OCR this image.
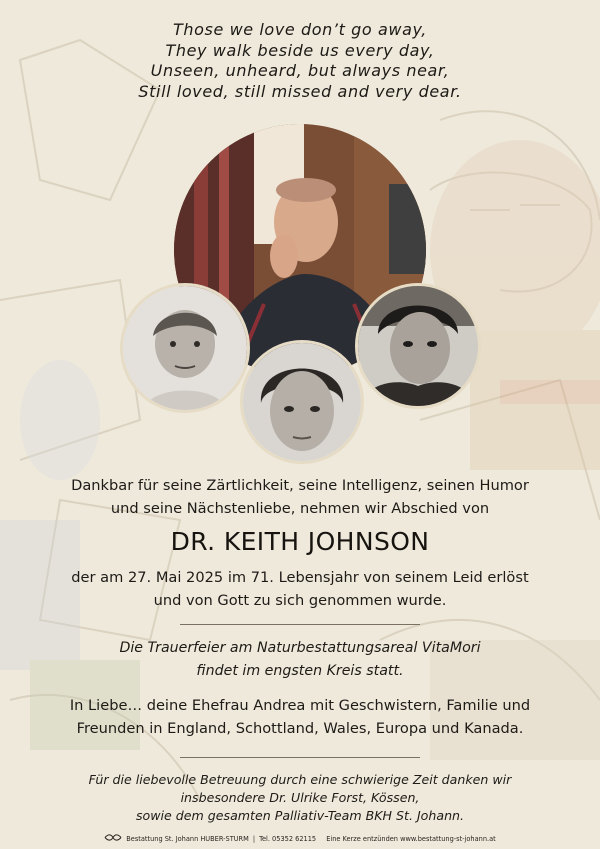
Those we love don’t go away,
They walk beside us every day,
Unseen, unheard, but always near,
Still loved, still missed and very dear.
Dankbar für seine Zärtlichkeit, seine Intelligenz, seinen Humor
und seine Nächstenliebe, nehmen wir Abschied von
DR. KEITH JOHNSON
der am 27. Mai 2025 im 71. Lebensjahr von seinem Leid erlöst
und von Gott zu sich genommen wurde.
Die Trauerfeier am Naturbestattungsareal VitaMori
findet im engsten Kreis statt.
In Liebe… deine Ehefrau Andrea mit Geschwistern, Familie und
Freunden in England, Schottland, Wales, Europa und Kanada.
Für die liebevolle Betreuung durch eine schwierige Zeit danken wir
insbesondere Dr. Ulrike Forst, Kössen,
sowie dem gesamten Palliativ-Team BKH St. Johann.
Bestattung St. Johann HUBER-STURM | Tel. 05352 62115 Eine Kerze entzünden www.bestattung-st-johann.at
